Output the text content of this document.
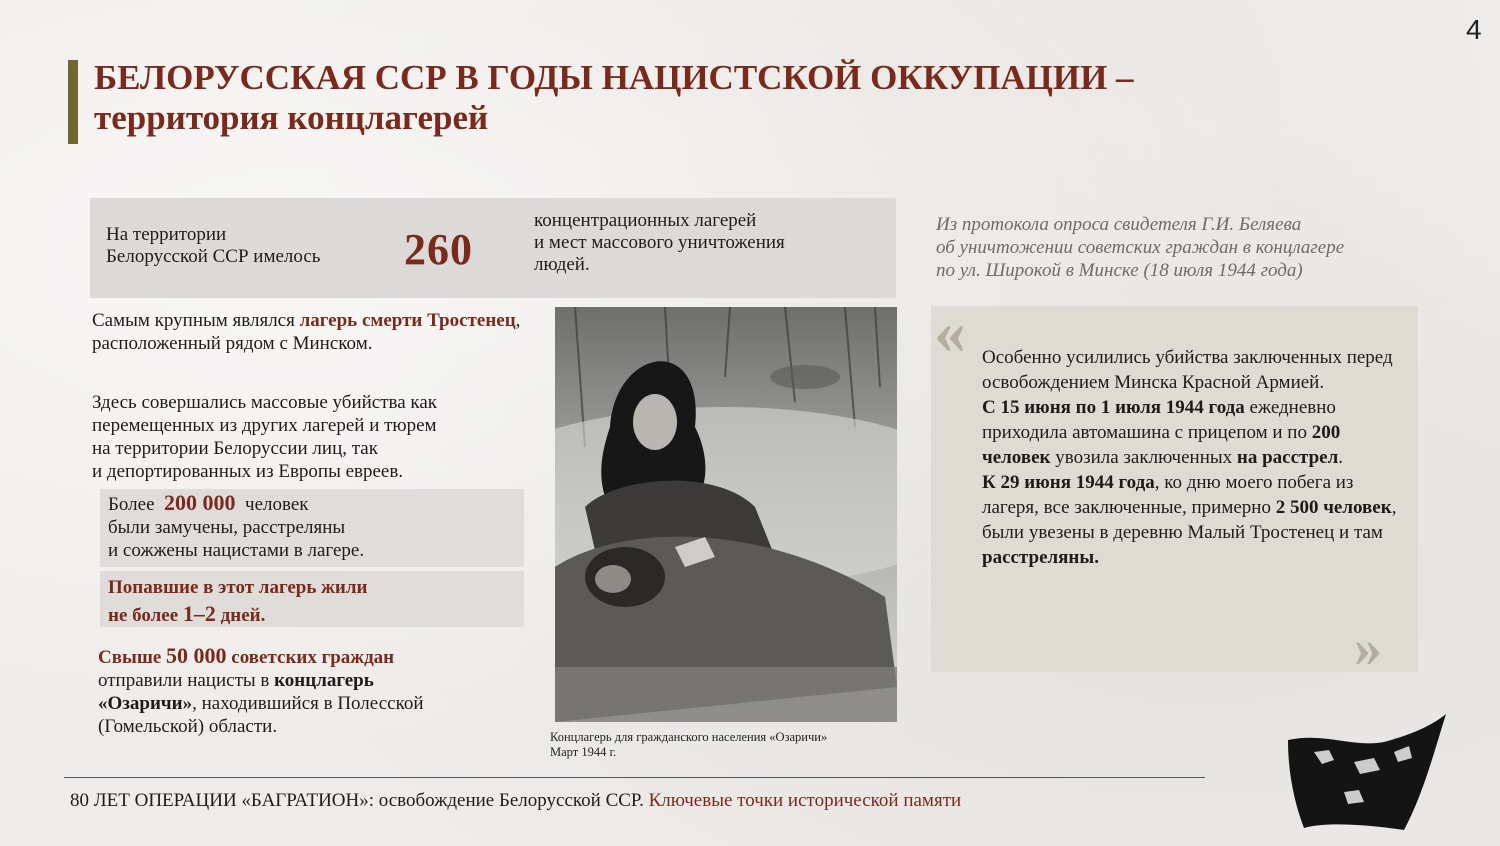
4
БЕЛОРУССКАЯ ССР В ГОДЫ НАЦИСТСКОЙ ОККУПАЦИИ –
территория концлагерей
На территории
Белорусской ССР имелось	260
концентрационных лагерей
и мест массового уничтожения
людей.
Из протокола опроса свидетеля Г.И. Беляева
об уничтожении советских граждан в концлагере
по ул. Широкой в Минске (18 июля 1944 года)
Самым крупным являлся лагерь смерти Тростенец, расположенный рядом с Минском.
Здесь совершались массовые убийства как
перемещенных из других лагерей и тюрем
на территории Белоруссии лиц, так
и депортированных из Европы евреев.
Более 200 000 человек
были замучены, расстреляны
и сожжены нацистами в лагере.
Попавшие в этот лагерь жили
не более 1–2 дней.
Свыше 50 000 советских граждан
отправили нацисты в концлагерь
«Озаричи», находившийся в Полесской
(Гомельской) области.	Концлагерь для гражданского населения «Озаричи»
Март 1944 г.
«
»
Особенно усилились убийства заключенных перед освобождением Минска Красной Армией.
С 15 июня по 1 июля 1944 года ежедневно приходила автомашина с прицепом и по 200 человек увозила заключенных на расстрел.
К 29 июня 1944 года, ко дню моего побега из лагеря, все заключенные, примерно 2 500 человек, были увезены в деревню Малый Тростенец и там расстреляны.
80 ЛЕТ ОПЕРАЦИИ «БАГРАТИОН»: освобождение Белорусской ССР. Ключевые точки исторической памяти
